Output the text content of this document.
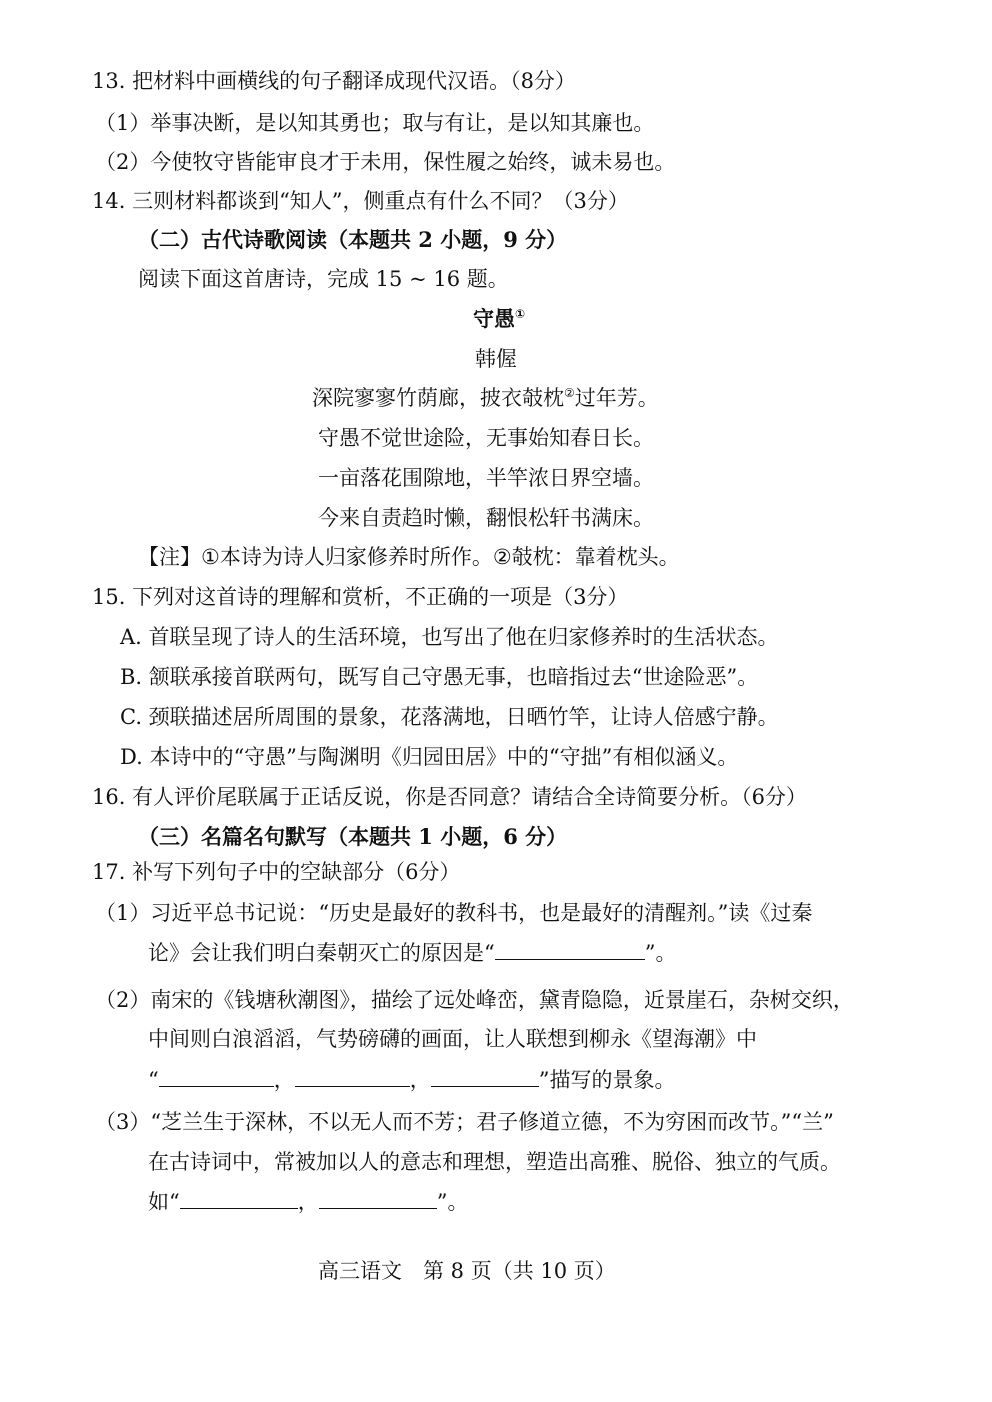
13. 把材料中画横线的句子翻译成现代汉语。（8分）
（1）举事决断，是以知其勇也；取与有让，是以知其廉也。
（2）今使牧守皆能审良才于未用，保性履之始终，诚未易也。
14. 三则材料都谈到“知人”，侧重点有什么不同？（3分）
（二）古代诗歌阅读（本题共 2 小题，9 分）
阅读下面这首唐诗，完成 15 ~ 16 题。
守愚①
韩偓
深院寥寥竹荫廊，披衣攲枕②过年芳。
守愚不觉世途险，无事始知春日长。
一亩落花围隙地，半竿浓日界空墙。
今来自责趋时懒，翻恨松轩书满床。
【注】①本诗为诗人归家修养时所作。②攲枕：靠着枕头。
15. 下列对这首诗的理解和赏析，不正确的一项是（3分）
A. 首联呈现了诗人的生活环境，也写出了他在归家修养时的生活状态。
B. 颔联承接首联两句，既写自己守愚无事，也暗指过去“世途险恶”。
C. 颈联描述居所周围的景象，花落满地，日晒竹竿，让诗人倍感宁静。
D. 本诗中的“守愚”与陶渊明《归园田居》中的“守拙”有相似涵义。
16. 有人评价尾联属于正话反说，你是否同意？请结合全诗简要分析。（6分）
（三）名篇名句默写（本题共 1 小题，6 分）
17. 补写下列句子中的空缺部分（6分）
（1）习近平总书记说：“历史是最好的教科书，也是最好的清醒剂。”读《过秦
论》会让我们明白秦朝灭亡的原因是“	”。
（2）南宋的《钱塘秋潮图》，描绘了远处峰峦，黛青隐隐，近景崖石，杂树交织，
中间则白浪滔滔，气势磅礴的画面，让人联想到柳永《望海潮》中
“	，	，	”描写的景象。
（3）“芝兰生于深林，不以无人而不芳；君子修道立德，不为穷困而改节。”“兰”
在古诗词中，常被加以人的意志和理想，塑造出高雅、脱俗、独立的气质。
如“	，	”。
高三语文　第 8 页（共 10 页）
